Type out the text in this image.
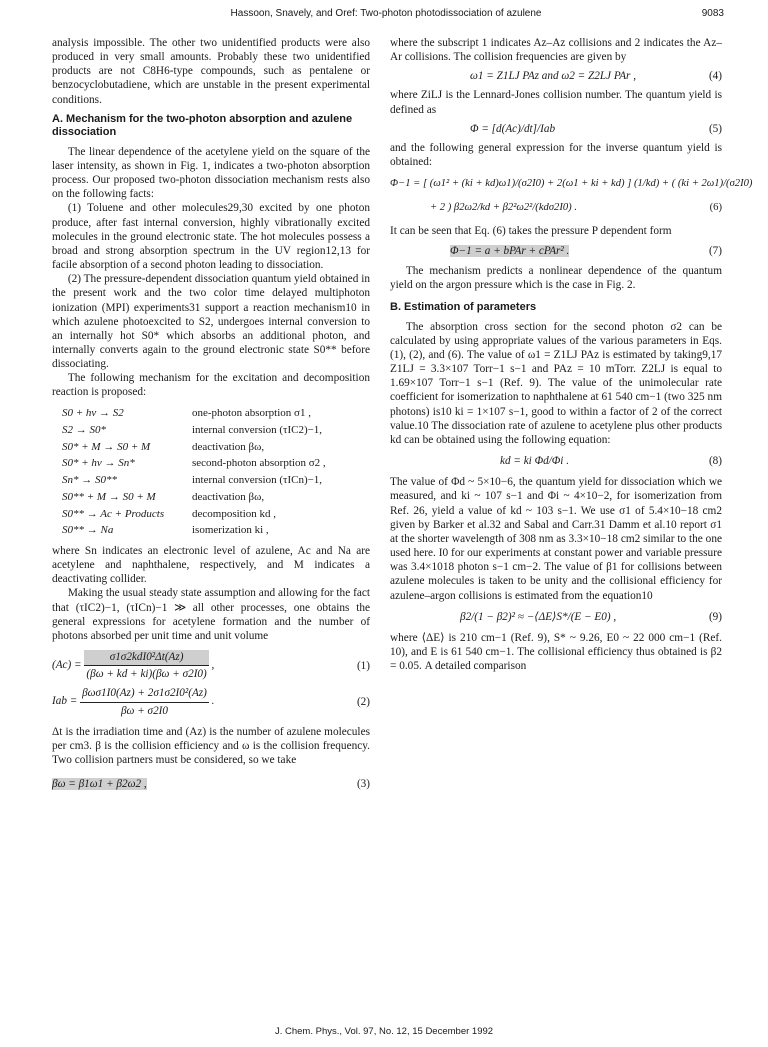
Hassoon, Snavely, and Oref: Two-photon photodissociation of azulene	9083

analysis impossible. The other two unidentified products were also produced in very small amounts. Probably these two unidentified products are not C8H6-type compounds, such as pentalene or benzocyclobutadiene, which are unstable in the present experimental conditions.

A. Mechanism for the two-photon absorption and azulene dissociation

The linear dependence of the acetylene yield on the square of the laser intensity, as shown in Fig. 1, indicates a two-photon absorption process. Our proposed two-photon dissociation mechanism rests also on the following facts:

(1) Toluene and other molecules29,30 excited by one photon produce, after fast internal conversion, highly vibrationally excited molecules in the ground electronic state. The hot molecules possess a broad and strong absorption spectrum in the UV region12,13 for facile absorption of a second photon leading to dissociation.

(2) The pressure-dependent dissociation quantum yield obtained in the present work and the two color time delayed multiphoton ionization (MPI) experiments31 support a reaction mechanism10 in which azulene photoexcited to S2, undergoes internal conversion to an internally hot S0* which absorbs an additional photon, and internally converts again to the ground electronic state S0** before dissociating.

The following mechanism for the excitation and decomposition reaction is proposed:

S0 + hν → S2	one-photon absorption σ1 ,
S2 → S0*	internal conversion (τIC2)−1,
S0* + M → S0 + M	deactivation βω,
S0* + hν → Sn*	second-photon absorption σ2 ,
Sn* → S0**	internal conversion (τICn)−1,
S0** + M → S0 + M	deactivation βω,
S0** → Ac + Products	decomposition kd ,
S0** → Na	isomerization ki ,

where Sn indicates an electronic level of azulene, Ac and Na are acetylene and naphthalene, respectively, and M indicates a deactivating collider.

Making the usual steady state assumption and allowing for the fact that (τIC2)−1, (τICn)−1 ≫ all other processes, one obtains the general expressions for acetylene formation and the number of photons absorbed per unit time and unit volume

$(Ac) = \frac{\text{σ1σ2kdI0²Δt(Az)}}{(\beta\omega + kd + ki)(\beta\omega + \sigma 2I0)}$ ,	(1)
Iab = $\frac{\text{βωσ1I0(Az) + 2σ1σ2I0²(Az)}}{\beta\omega + \sigma 2I0}$ .	(2)

Δt is the irradiation time and (Az) is the number of azulene molecules per cm3. β is the collision efficiency and ω is the collision frequency. Two collision partners must be considered, so we take

βω = β1ω1 + β2ω2 ,	(3)

where the subscript 1 indicates Az–Az collisions and 2 indicates the Az–Ar collisions. The collision frequencies are given by

ω1 = Z1LJ PAz and ω2 = Z2LJ PAr ,	(4)

where ZiLJ is the Lennard-Jones collision number. The quantum yield is defined as

Φ = [d(Ac)/dt]/Iab	(5)

and the following general expression for the inverse quantum yield is obtained:

Φ−1 = [ (ω1² + (ki + kd)ω1)/(σ2I0) + 2(ω1 + ki + kd) ] (1/kd) + ( (ki + 2ω1)/(σ2I0)
+ 2 ) β2ω2/kd + β2²ω2²/(kdσ2I0) .	(6)

It can be seen that Eq. (6) takes the pressure P dependent form

Φ−1 = a + bPAr + cPAr² .	(7)

The mechanism predicts a nonlinear dependence of the quantum yield on the argon pressure which is the case in Fig. 2.

B. Estimation of parameters

The absorption cross section for the second photon σ2 can be calculated by using appropriate values of the various parameters in Eqs. (1), (2), and (6). The value of ω1 = Z1LJ PAz is estimated by taking9,17 Z1LJ = 3.3×107 Torr−1 s−1 and PAz = 10 mTorr. Z2LJ is equal to 1.69×107 Torr−1 s−1 (Ref. 9). The value of the unimolecular rate coefficient for isomerization to naphthalene at 61 540 cm−1 (two 325 nm photons) is10 ki = 1×107 s−1, good to within a factor of 2 of the correct value.10 The dissociation rate of azulene to acetylene plus other products kd can be obtained using the following equation:

kd = ki Φd/Φi .	(8)

The value of Φd ~ 5×10−6, the quantum yield for dissociation which we measured, and ki ~ 107 s−1 and Φi ~ 4×10−2, for isomerization from Ref. 26, yield a value of kd ~ 103 s−1. We use σ1 of 5.4×10−18 cm2 given by Barker et al.32 and Sabal and Carr.31 Damm et al.10 report σ1 at the shorter wavelength of 308 nm as 3.3×10−18 cm2 similar to the one used here. I0 for our experiments at constant power and variable pressure was 3.4×1018 photon s−1 cm−2. The value of β1 for collisions between azulene molecules is taken to be unity and the collisional efficiency for azulene–argon collisions is estimated from the equation10

β2/(1 − β2)² ≈ −⟨ΔE⟩S*/(E − E0) ,	(9)

where ⟨ΔE⟩ is 210 cm−1 (Ref. 9), S* ~ 9.26, E0 ~ 22 000 cm−1 (Ref. 10), and E is 61 540 cm−1. The collisional efficiency thus obtained is β2 = 0.05. A detailed comparison

J. Chem. Phys., Vol. 97, No. 12, 15 December 1992
